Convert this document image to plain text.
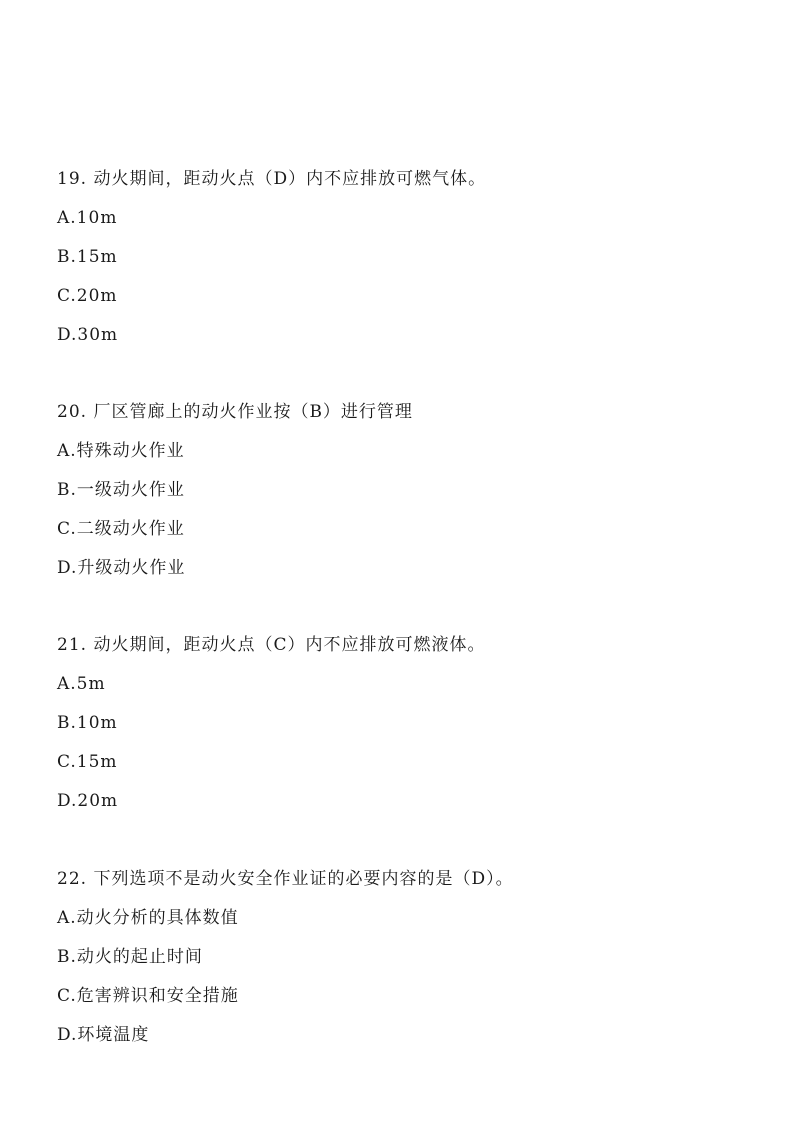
19. 动火期间，距动火点（D）内不应排放可燃气体。
A.10m
B.15m
C.20m
D.30m
20. 厂区管廊上的动火作业按（B）进行管理
A.特殊动火作业
B.一级动火作业
C.二级动火作业
D.升级动火作业
21. 动火期间，距动火点（C）内不应排放可燃液体。
A.5m
B.10m
C.15m
D.20m
22. 下列选项不是动火安全作业证的必要内容的是（D）。
A.动火分析的具体数值
B.动火的起止时间
C.危害辨识和安全措施
D.环境温度
